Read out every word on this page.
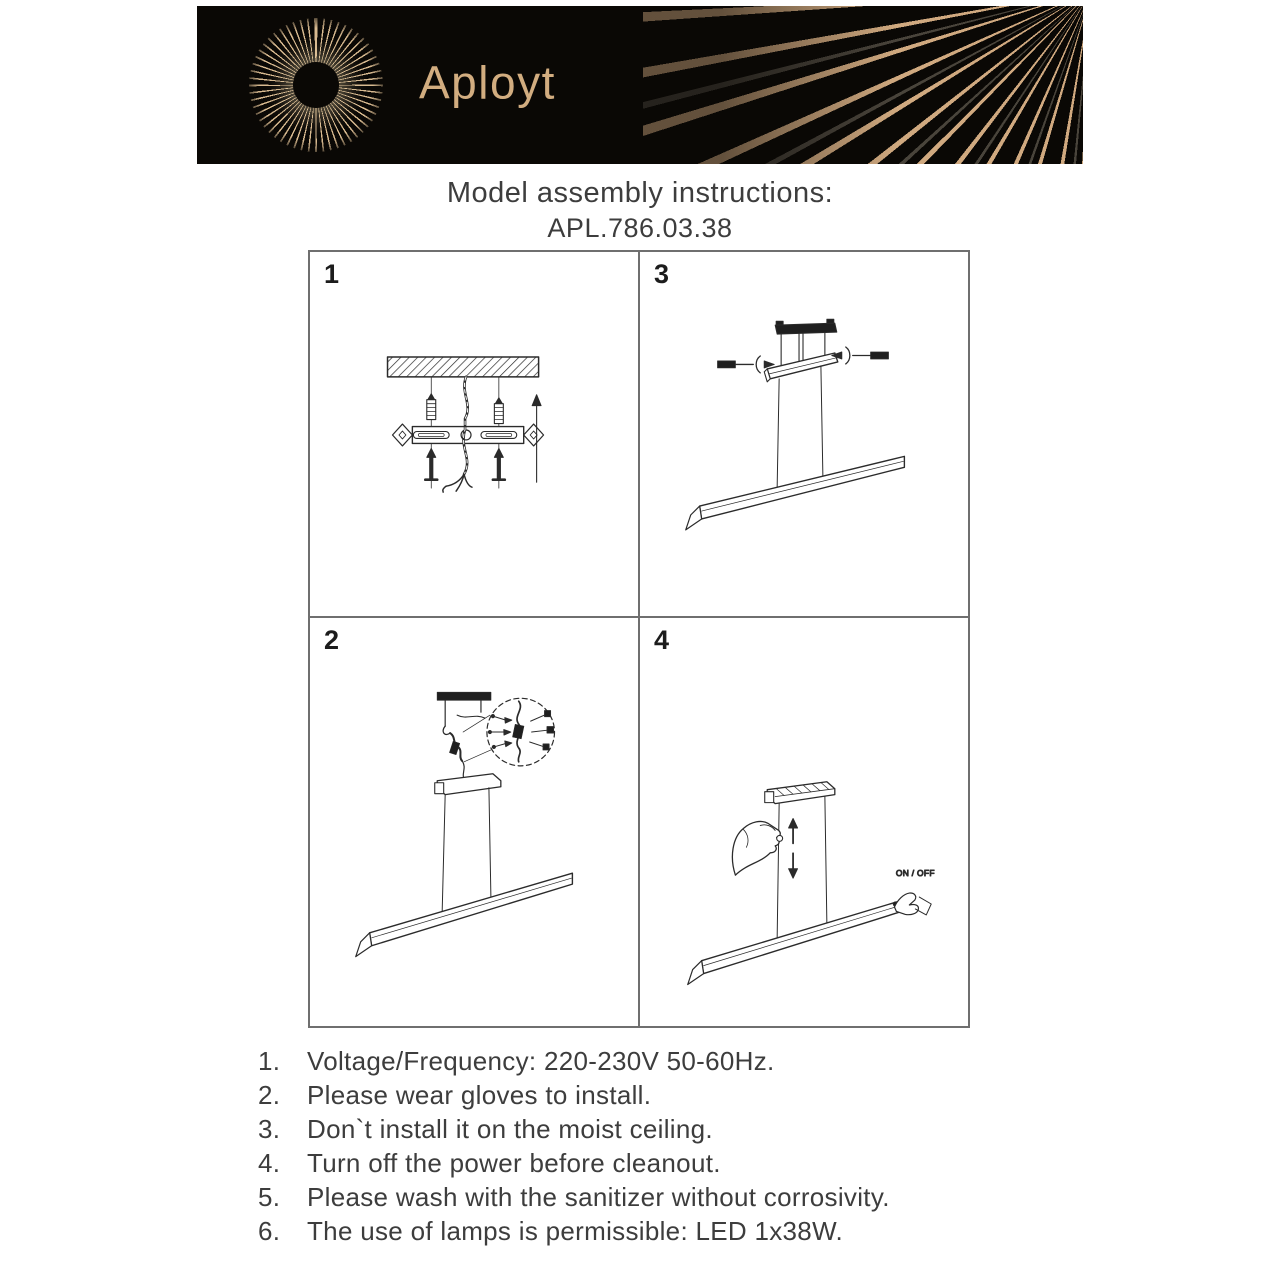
Aployt
Model assembly instructions:
APL.786.03.38
1	3
2	4
ON / OFF
1.	Voltage/Frequency: 220-230V 50-60Hz.
2.	Please wear gloves to install.
3.	Don`t install it on the moist ceiling.
4.	Turn off the power before cleanout.
5.	Please wash with the sanitizer without corrosivity.
6.	The use of lamps is permissible: LED 1x38W.
